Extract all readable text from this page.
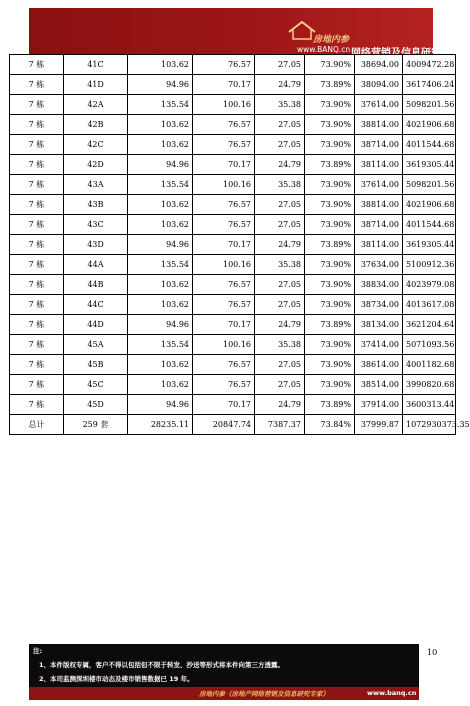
房地内参
www.BANQ.cn 网络营销及信息研究专家
7 栋	41C	103.62	76.57	27.05	73.90%	38694.00	4009472.28
7 栋	41D	94.96	70.17	24.79	73.89%	38094.00	3617406.24
7 栋	42A	135.54	100.16	35.38	73.90%	37614.00	5098201.56
7 栋	42B	103.62	76.57	27.05	73.90%	38814.00	4021906.68
7 栋	42C	103.62	76.57	27.05	73.90%	38714.00	4011544.68
7 栋	42D	94.96	70.17	24.79	73.89%	38114.00	3619305.44
7 栋	43A	135.54	100.16	35.38	73.90%	37614.00	5098201.56
7 栋	43B	103.62	76.57	27.05	73.90%	38814.00	4021906.68
7 栋	43C	103.62	76.57	27.05	73.90%	38714.00	4011544.68
7 栋	43D	94.96	70.17	24.79	73.89%	38114.00	3619305.44
7 栋	44A	135.54	100.16	35.38	73.90%	37634.00	5100912.36
7 栋	44B	103.62	76.57	27.05	73.90%	38834.00	4023979.08
7 栋	44C	103.62	76.57	27.05	73.90%	38734.00	4013617.08
7 栋	44D	94.96	70.17	24.79	73.89%	38134.00	3621204.64
7 栋	45A	135.54	100.16	35.38	73.90%	37414.00	5071093.56
7 栋	45B	103.62	76.57	27.05	73.90%	38614.00	4001182.68
7 栋	45C	103.62	76.57	27.05	73.90%	38514.00	3990820.68
7 栋	45D	94.96	70.17	24.79	73.89%	37914.00	3600313.44
总计	259 套	28235.11	20847.74	7387.37	73.84%	37999.87	1072930373.35
10
注:
1、本件版权专属，客户不得以包括但不限于转发、抄送等形式将本件向第三方透露。
2、本司监测深圳楼市动态及楼市销售数据已 19 年。
房地内参（房地产网络营销及信息研究专家）	www.banq.cn
